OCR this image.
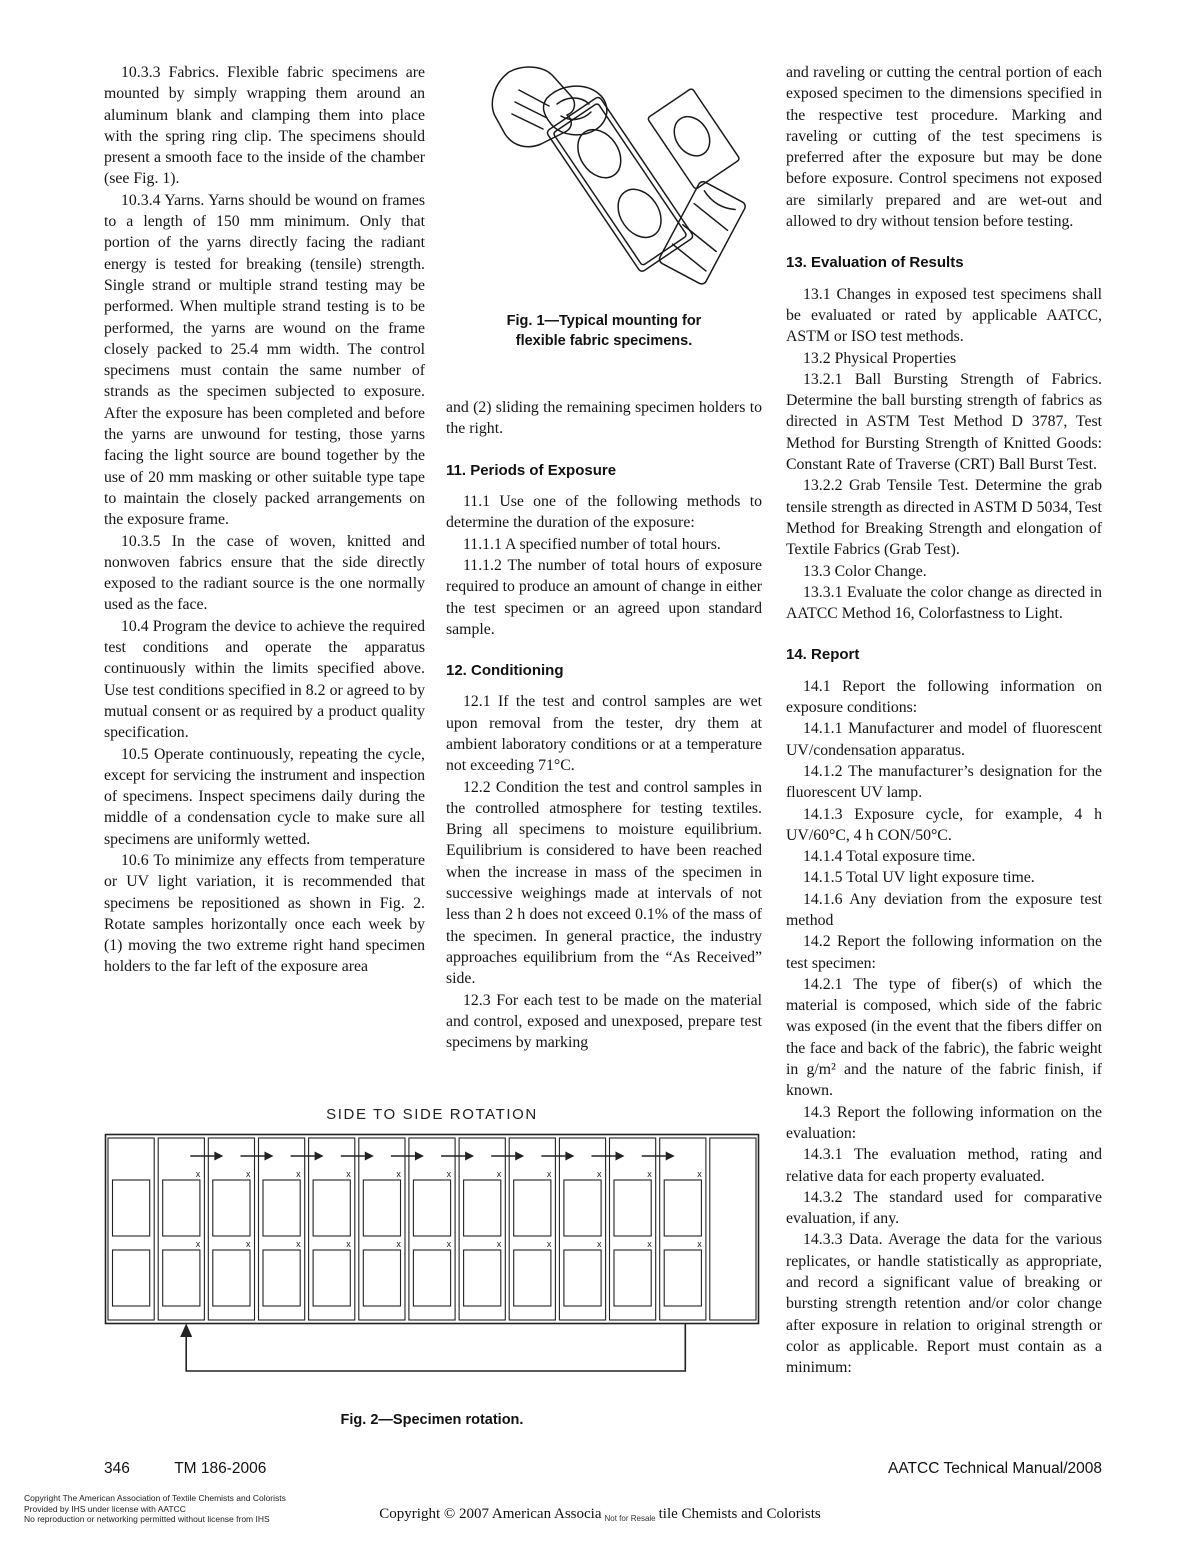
10.3.3 Fabrics. Flexible fabric specimens are mounted by simply wrapping them around an aluminum blank and clamping them into place with the spring ring clip. The specimens should present a smooth face to the inside of the chamber (see Fig. 1).

10.3.4 Yarns. Yarns should be wound on frames to a length of 150 mm minimum. Only that portion of the yarns directly facing the radiant energy is tested for breaking (tensile) strength. Single strand or multiple strand testing may be performed. When multiple strand testing is to be performed, the yarns are wound on the frame closely packed to 25.4 mm width. The control specimens must contain the same number of strands as the specimen subjected to exposure. After the exposure has been completed and before the yarns are unwound for testing, those yarns facing the light source are bound together by the use of 20 mm masking or other suitable type tape to maintain the closely packed arrangements on the exposure frame.

10.3.5 In the case of woven, knitted and nonwoven fabrics ensure that the side directly exposed to the radiant source is the one normally used as the face.

10.4 Program the device to achieve the required test conditions and operate the apparatus continuously within the limits specified above. Use test conditions specified in 8.2 or agreed to by mutual consent or as required by a product quality specification.

10.5 Operate continuously, repeating the cycle, except for servicing the instrument and inspection of specimens. Inspect specimens daily during the middle of a condensation cycle to make sure all specimens are uniformly wetted.

10.6 To minimize any effects from temperature or UV light variation, it is recommended that specimens be repositioned as shown in Fig. 2. Rotate samples horizontally once each week by (1) moving the two extreme right hand specimen holders to the far left of the exposure area

Fig. 1—Typical mounting for
flexible fabric specimens.

and (2) sliding the remaining specimen holders to the right.

11. Periods of Exposure

11.1 Use one of the following methods to determine the duration of the exposure:

11.1.1 A specified number of total hours.

11.1.2 The number of total hours of exposure required to produce an amount of change in either the test specimen or an agreed upon standard sample.

12. Conditioning

12.1 If the test and control samples are wet upon removal from the tester, dry them at ambient laboratory conditions or at a temperature not exceeding 71°C.

12.2 Condition the test and control samples in the controlled atmosphere for testing textiles. Bring all specimens to moisture equilibrium. Equilibrium is considered to have been reached when the increase in mass of the specimen in successive weighings made at intervals of not less than 2 h does not exceed 0.1% of the mass of the specimen. In general practice, the industry approaches equilibrium from the “As Received” side.

12.3 For each test to be made on the material and control, exposed and unexposed, prepare test specimens by marking

and raveling or cutting the central portion of each exposed specimen to the dimensions specified in the respective test procedure. Marking and raveling or cutting of the test specimens is preferred after the exposure but may be done before exposure. Control specimens not exposed are similarly prepared and are wet-out and allowed to dry without tension before testing.

13. Evaluation of Results

13.1 Changes in exposed test specimens shall be evaluated or rated by applicable AATCC, ASTM or ISO test methods.

13.2 Physical Properties

13.2.1 Ball Bursting Strength of Fabrics. Determine the ball bursting strength of fabrics as directed in ASTM Test Method D 3787, Test Method for Bursting Strength of Knitted Goods: Constant Rate of Traverse (CRT) Ball Burst Test.

13.2.2 Grab Tensile Test. Determine the grab tensile strength as directed in ASTM D 5034, Test Method for Breaking Strength and elongation of Textile Fabrics (Grab Test).

13.3 Color Change.

13.3.1 Evaluate the color change as directed in AATCC Method 16, Colorfastness to Light.

14. Report

14.1 Report the following information on exposure conditions:

14.1.1 Manufacturer and model of fluorescent UV/condensation apparatus.

14.1.2 The manufacturer’s designation for the fluorescent UV lamp.

14.1.3 Exposure cycle, for example, 4 h UV/60°C, 4 h CON/50°C.

14.1.4 Total exposure time.

14.1.5 Total UV light exposure time.

14.1.6 Any deviation from the exposure test method

14.2 Report the following information on the test specimen:

14.2.1 The type of fiber(s) of which the material is composed, which side of the fabric was exposed (in the event that the fibers differ on the face and back of the fabric), the fabric weight in g/m² and the nature of the fabric finish, if known.

14.3 Report the following information on the evaluation:

14.3.1 The evaluation method, rating and relative data for each property evaluated.

14.3.2 The standard used for comparative evaluation, if any.

14.3.3 Data. Average the data for the various replicates, or handle statistically as appropriate, and record a significant value of breaking or bursting strength retention and/or color change after exposure in relation to original strength or color as applicable. Report must contain as a minimum:

SIDE TO SIDE ROTATION
x
x
x
x
x
x
x
x
x
x
x
x
x
x
x
x
x
x
x
x
x
x
Fig. 2—Specimen rotation.
346	TM 186-2006	AATCC Technical Manual/2008
Copyright The American Association of Textile Chemists and Colorists
Provided by IHS under license with AATCC
No reproduction or networking permitted without license from IHS	Copyright © 2007 American Associa $_{Not for Resale}$ tile Chemists and Colorists
